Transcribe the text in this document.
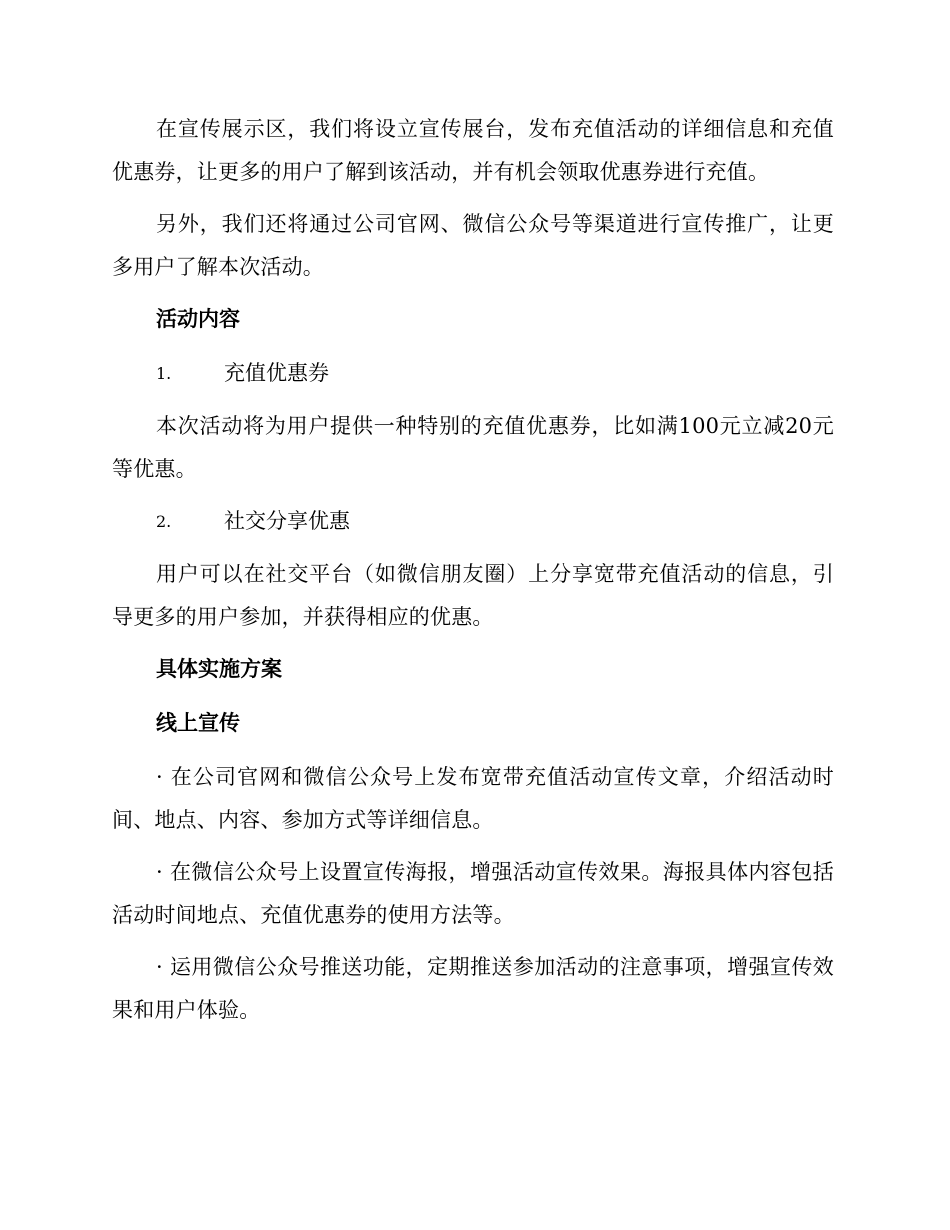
在宣传展示区，我们将设立宣传展台，发布充值活动的详细信息和充值优惠券，让更多的用户了解到该活动，并有机会领取优惠券进行充值。

另外，我们还将通过公司官网、微信公众号等渠道进行宣传推广，让更多用户了解本次活动。

活动内容
1.	充值优惠券

本次活动将为用户提供一种特别的充值优惠券，比如满100元立减20元等优惠。

2.	社交分享优惠

用户可以在社交平台（如微信朋友圈）上分享宽带充值活动的信息，引导更多的用户参加，并获得相应的优惠。

具体实施方案
线上宣传

· 在公司官网和微信公众号上发布宽带充值活动宣传文章，介绍活动时间、地点、内容、参加方式等详细信息。

· 在微信公众号上设置宣传海报，增强活动宣传效果。海报具体内容包括活动时间地点、充值优惠券的使用方法等。

· 运用微信公众号推送功能，定期推送参加活动的注意事项，增强宣传效果和用户体验。
